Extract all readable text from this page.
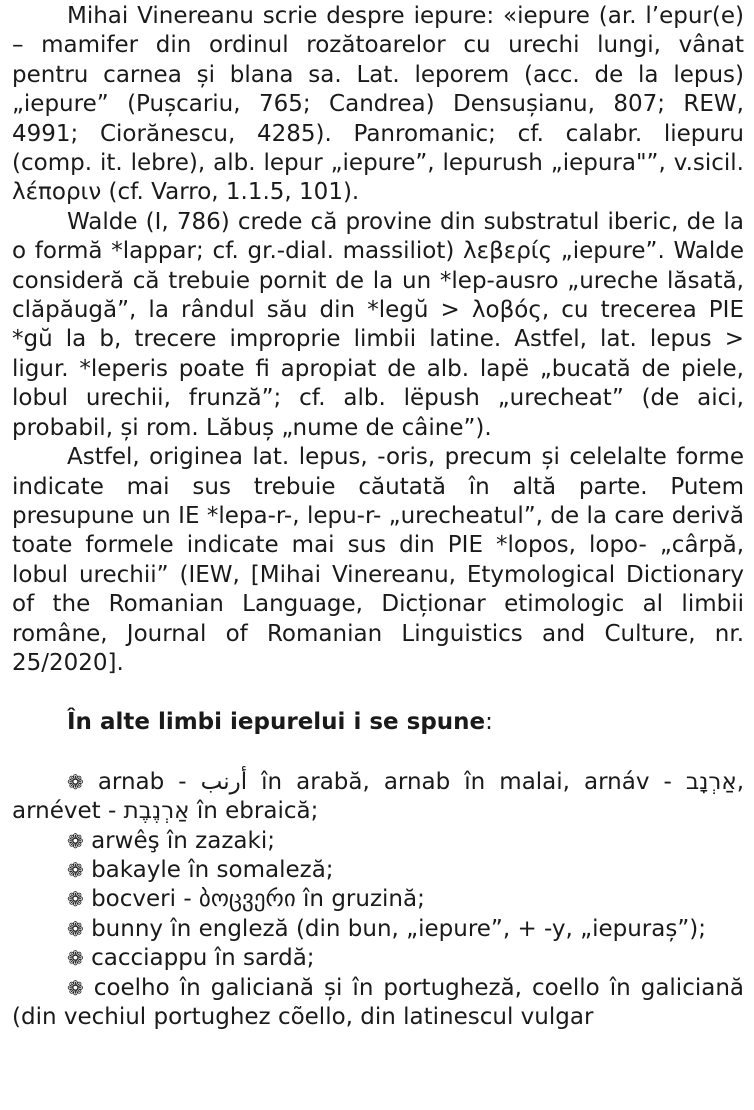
Mihai Vinereanu scrie despre iepure: «iepure (ar. l’epur(e) – mamifer din ordinul rozătoarelor cu urechi lungi, vânat pentru carnea și blana sa. Lat. leporem (acc. de la lepus) „iepure” (Pușcariu, 765; Candrea) Densușianu, 807; REW, 4991; Ciorănescu, 4285). Panromanic; cf. calabr. liepuru (comp. it. lebre), alb. lepur „iepure”, lepurush „iepura"”, v.sicil. λέποριν (cf. Varro, 1.1.5, 101).

Walde (I, 786) crede că provine din substratul iberic, de la o formă *lappar; cf. gr.-dial. massiliot) λεβερίς „iepure”. Walde consideră că trebuie pornit de la un *lep-ausro „ureche lăsată, clăpăugă”, la rândul său din *legŭ > λοβός, cu trecerea PIE *gŭ la b, trecere improprie limbii latine. Astfel, lat. lepus > ligur. *leperis poate fi apropiat de alb. lapë „bucată de piele, lobul urechii, frunză”; cf. alb. lëpush „urecheat” (de aici, probabil, și rom. Lăbuș „nume de câine”).

Astfel, originea lat. lepus, -oris, precum și celelalte forme indicate mai sus trebuie căutată în altă parte. Putem presupune un IE *lepa-r-, lepu-r- „urecheatul”, de la care derivă toate formele indicate mai sus din PIE *lopos, lopo- „cârpă, lobul urechii” (IEW, [Mihai Vinereanu, Etymological Dictionary of the Romanian Language, Dicționar etimologic al limbii române, Journal of Romanian Linguistics and Culture, nr. 25/2020].

În alte limbi iepurelui i se spune:

❁ arnab - أرنب în arabă, arnab în malai, arnáv - אַרְנָב, arnévet - אַרְנֶבֶת în ebraică;

❁ arwêş în zazaki;

❁ bakayle în somaleză;

❁ bocveri - ბოცვერი în gruzină;

❁ bunny în engleză (din bun, „iepure”, + -y, „iepuraș”);

❁ cacciappu în sardă;

❁ coelho în galiciană și în portugheză, coello în galiciană (din vechiul portughez cõello, din latinescul vulgar
